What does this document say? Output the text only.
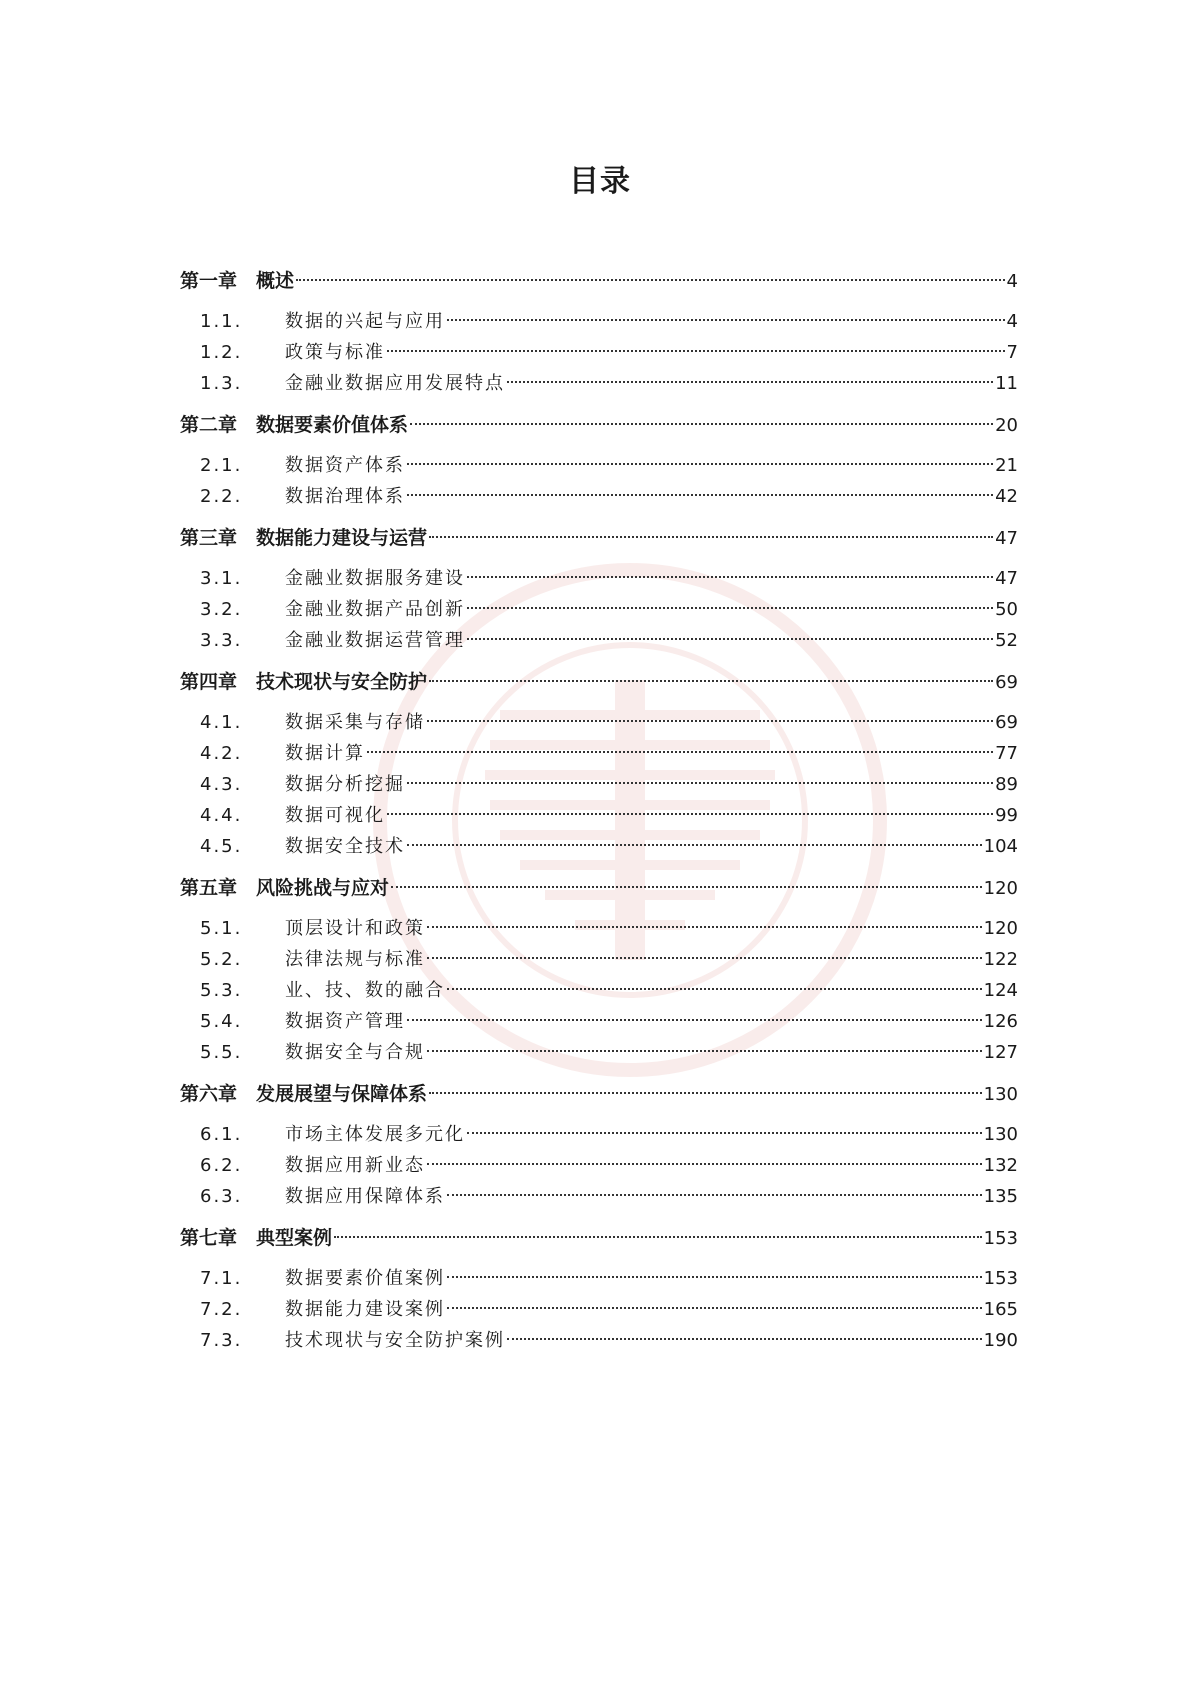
目录
第一章 概述	4
1.1.	数据的兴起与应用	4
1.2.	政策与标准	7
1.3.	金融业数据应用发展特点	11
第二章 数据要素价值体系	20
2.1.	数据资产体系	21
2.2.	数据治理体系	42
第三章 数据能力建设与运营	47
3.1.	金融业数据服务建设	47
3.2.	金融业数据产品创新	50
3.3.	金融业数据运营管理	52
第四章 技术现状与安全防护	69
4.1.	数据采集与存储	69
4.2.	数据计算	77
4.3.	数据分析挖掘	89
4.4.	数据可视化	99
4.5.	数据安全技术	104
第五章 风险挑战与应对	120
5.1.	顶层设计和政策	120
5.2.	法律法规与标准	122
5.3.	业、技、数的融合	124
5.4.	数据资产管理	126
5.5.	数据安全与合规	127
第六章 发展展望与保障体系	130
6.1.	市场主体发展多元化	130
6.2.	数据应用新业态	132
6.3.	数据应用保障体系	135
第七章 典型案例	153
7.1.	数据要素价值案例	153
7.2.	数据能力建设案例	165
7.3.	技术现状与安全防护案例	190
